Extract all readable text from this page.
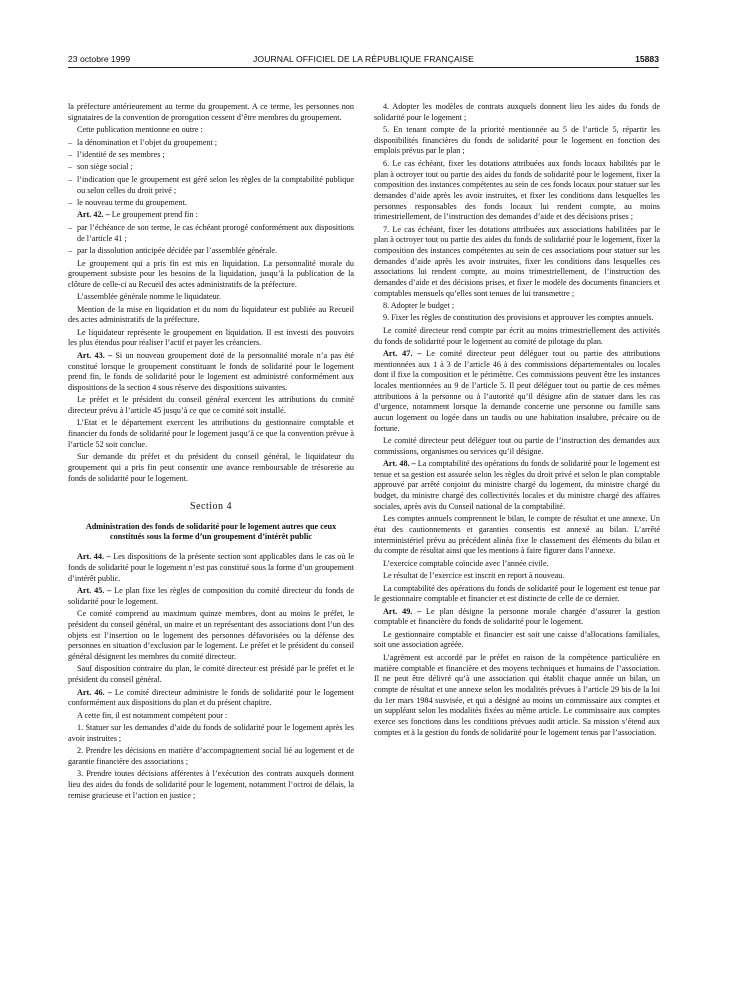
23 octobre 1999	JOURNAL OFFICIEL DE LA RÉPUBLIQUE FRANÇAISE	15883

la préfecture antérieurement au terme du groupement. A ce terme, les personnes non signataires de la convention de prorogation cessent d’être membres du groupement.

Cette publication mentionne en outre :

– la dénomination et l’objet du groupement ;

– l’identité de ses membres ;

– son siège social ;

– l’indication que le groupement est géré selon les règles de la comptabilité publique ou selon celles du droit privé ;

– le nouveau terme du groupement.

Art. 42. – Le groupement prend fin :

– par l’échéance de son terme, le cas échéant prorogé conformément aux dispositions de l’article 41 ;

– par la dissolution anticipée décidée par l’assemblée générale.

Le groupement qui a pris fin est mis en liquidation. La personnalité morale du groupement subsiste pour les besoins de la liquidation, jusqu’à la publication de la clôture de celle-ci au Recueil des actes administratifs de la préfecture.

L’assemblée générale nomme le liquidateur.

Mention de la mise en liquidation et du nom du liquidateur est publiée au Recueil des actes administratifs de la préfecture.

Le liquidateur représente le groupement en liquidation. Il est investi des pouvoirs les plus étendus pour réaliser l’actif et payer les créanciers.

Art. 43. – Si un nouveau groupement doté de la personnalité morale n’a pas été constitué lorsque le groupement constituant le fonds de solidarité pour le logement prend fin, le fonds de solidarité pour le logement est administré conformément aux dispositions de la section 4 sous réserve des dispositions suivantes.

Le préfet et le président du conseil général exercent les attributions du comité directeur prévu à l’article 45 jusqu’à ce que ce comité soit installé.

L’Etat et le département exercent les attributions du gestionnaire comptable et financier du fonds de solidarité pour le logement jusqu’à ce que la convention prévue à l’article 52 soit conclue.

Sur demande du préfet et du président du conseil général, le liquidateur du groupement qui a pris fin peut consentir une avance remboursable de trésorerie au fonds de solidarité pour le logement.

Section 4
Administration des fonds de solidarité pour le logement autres que ceux constitués sous la forme d’un groupement d’intérêt public

Art. 44. – Les dispositions de la présente section sont applicables dans le cas où le fonds de solidarité pour le logement n’est pas constitué sous la forme d’un groupement d’intérêt public.

Art. 45. – Le plan fixe les règles de composition du comité directeur du fonds de solidarité pour le logement.

Ce comité comprend au maximum quinze membres, dont au moins le préfet, le président du conseil général, un maire et un représentant des associations dont l’un des objets est l’insertion ou le logement des personnes défavorisées ou la défense des personnes en situation d’exclusion par le logement. Le préfet et le président du conseil général désignent les membres du comité directeur.

Sauf disposition contraire du plan, le comité directeur est présidé par le préfet et le président du conseil général.

Art. 46. – Le comité directeur administre le fonds de solidarité pour le logement conformément aux dispositions du plan et du présent chapitre.

A cette fin, il est notamment compétent pour :

1. Statuer sur les demandes d’aide du fonds de solidarité pour le logement après les avoir instruites ;

2. Prendre les décisions en matière d’accompagnement social lié au logement et de garantie financière des associations ;

3. Prendre toutes décisions afférentes à l’exécution des contrats auxquels donnent lieu des aides du fonds de solidarité pour le logement, notamment l’octroi de délais, la remise gracieuse et l’action en justice ;

4. Adopter les modèles de contrats auxquels donnent lieu les aides du fonds de solidarité pour le logement ;

5. En tenant compte de la priorité mentionnée au 5 de l’article 5, répartir les disponibilités financières du fonds de solidarité pour le logement en fonction des emplois prévus par le plan ;

6. Le cas échéant, fixer les dotations attribuées aux fonds locaux habilités par le plan à octroyer tout ou partie des aides du fonds de solidarité pour le logement, fixer la composition des instances compétentes au sein de ces fonds locaux pour statuer sur les demandes d’aide après les avoir instruites, et fixer les conditions dans lesquelles les personnes responsables des fonds locaux lui rendent compte, au moins trimestriellement, de l’instruction des demandes d’aide et des décisions prises ;

7. Le cas échéant, fixer les dotations attribuées aux associations habilitées par le plan à octroyer tout ou partie des aides du fonds de solidarité pour le logement, fixer la composition des instances compétentes au sein de ces associations pour statuer sur les demandes d’aide après les avoir instruites, fixer les conditions dans lesquelles ces associations lui rendent compte, au moins trimestriellement, de l’instruction des demandes d’aide et des décisions prises, et fixer le modèle des documents financiers et comptables mensuels qu’elles sont tenues de lui transmettre ;

8. Adopter le budget ;

9. Fixer les règles de constitution des provisions et approuver les comptes annuels.

Le comité directeur rend compte par écrit au moins trimestriellement des activités du fonds de solidarité pour le logement au comité de pilotage du plan.

Art. 47. – Le comité directeur peut déléguer tout ou partie des attributions mentionnées aux 1 à 3 de l’article 46 à des commissions départementales ou locales dont il fixe la composition et le périmètre. Ces commissions peuvent être les instances locales mentionnées au 9 de l’article 5. Il peut déléguer tout ou partie de ces mêmes attributions à la personne ou à l’autorité qu’il désigne afin de statuer dans les cas d’urgence, notamment lorsque la demande concerne une personne ou famille sans aucun logement ou logée dans un taudis ou une habitation insalubre, précaire ou de fortune.

Le comité directeur peut déléguer tout ou partie de l’instruction des demandes aux commissions, organismes ou services qu’il désigne.

Art. 48. – La comptabilité des opérations du fonds de solidarité pour le logement est tenue et sa gestion est assurée selon les règles du droit privé et selon le plan comptable approuvé par arrêté conjoint du ministre chargé du logement, du ministre chargé du budget, du ministre chargé des collectivités locales et du ministre chargé des affaires sociales, après avis du Conseil national de la comptabilité.

Les comptes annuels comprennent le bilan, le compte de résultat et une annexe. Un état des cautionnements et garanties consentis est annexé au bilan. L’arrêté interministériel prévu au précédent alinéa fixe le classement des éléments du bilan et du compte de résultat ainsi que les mentions à faire figurer dans l’annexe.

L’exercice comptable coïncide avec l’année civile.

Le résultat de l’exercice est inscrit en report à nouveau.

La comptabilité des opérations du fonds de solidarité pour le logement est tenue par le gestionnaire comptable et financier et est distincte de celle de ce dernier.

Art. 49. – Le plan désigne la personne morale chargée d’assurer la gestion comptable et financière du fonds de solidarité pour le logement.

Le gestionnaire comptable et financier est soit une caisse d’allocations familiales, soit une association agréée.

L’agrément est accordé par le préfet en raison de la compétence particulière en matière comptable et financière et des moyens techniques et humains de l’association. Il ne peut être délivré qu’à une association qui établit chaque année un bilan, un compte de résultat et une annexe selon les modalités prévues à l’article 29 bis de la loi du 1er mars 1984 susvisée, et qui a désigné au moins un commissaire aux comptes et un suppléant selon les modalités fixées au même article. Le commissaire aux comptes exerce ses fonctions dans les conditions prévues audit article. Sa mission s’étend aux comptes et à la gestion du fonds de solidarité pour le logement tenus par l’association.
